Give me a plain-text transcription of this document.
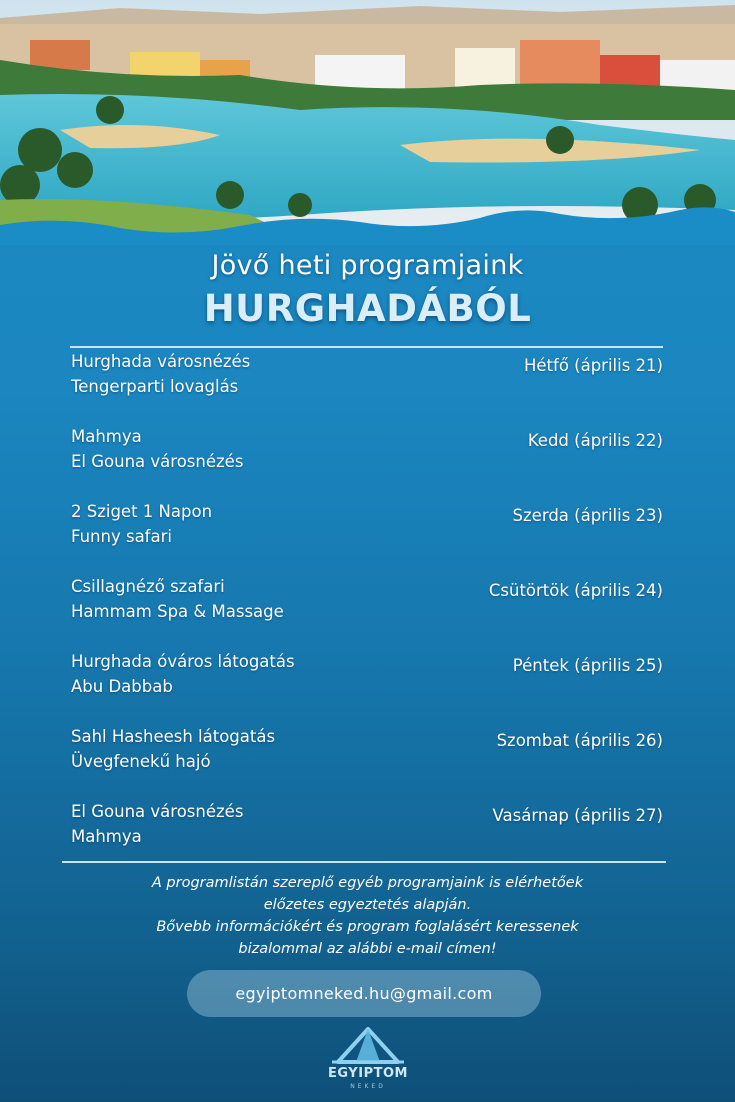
Jövő heti programjaink
HURGHADÁBÓL
Hurghada városnézés
Tengerparti lovaglás
Hétfő (április 21)
Mahmya
El Gouna városnézés
Kedd (április 22)
2 Sziget 1 Napon
Funny safari
Szerda (április 23)
Csillagnéző szafari
Hammam Spa & Massage
Csütörtök (április 24)
Hurghada óváros látogatás
Abu Dabbab
Péntek (április 25)
Sahl Hasheesh látogatás
Üvegfenekű hajó
Szombat (április 26)
El Gouna városnézés
Mahmya
Vasárnap (április 27)
A programlistán szereplő egyéb programjaink is elérhetőek
előzetes egyeztetés alapján.
Bővebb információkért és program foglalásért keressenek
bizalommal az alábbi e-mail címen!
egyiptomneked.hu@gmail.com
EGYIPTOM
NEKED
